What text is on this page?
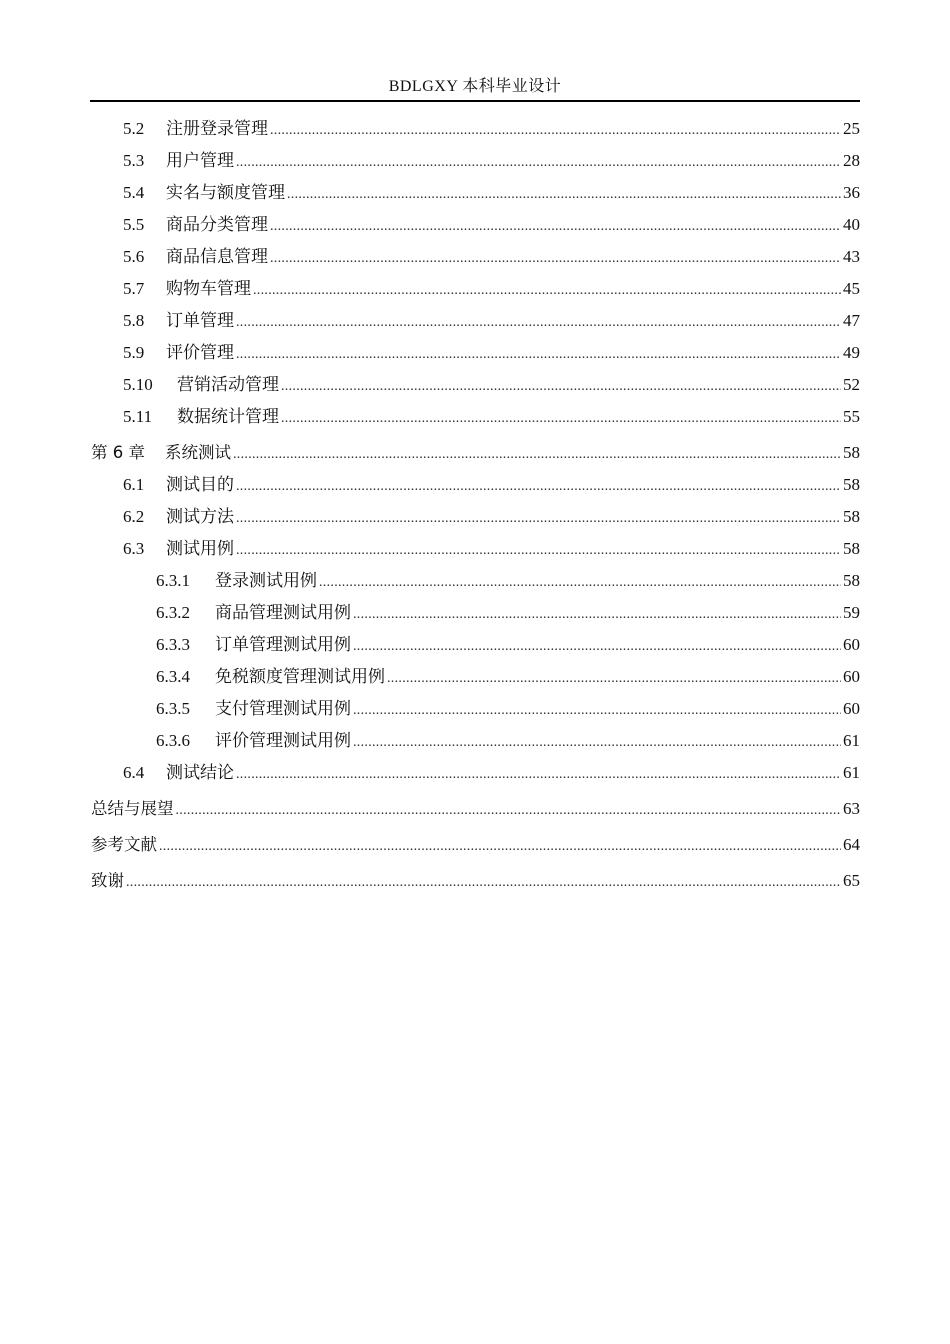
BDLGXY 本科毕业设计
5.2	注册登录管理 .....	25
5.3	用户管理 .....	28
5.4	实名与额度管理 .....	36
5.5	商品分类管理 .....	40
5.6	商品信息管理 .....	43
5.7	购物车管理 .....	45
5.8	订单管理 .....	47
5.9	评价管理 .....	49
5.10	营销活动管理 .....	52
5.11	数据统计管理 .....	55
第 6 章	系统测试 .....	58
6.1	测试目的 .....	58
6.2	测试方法 .....	58
6.3	测试用例 .....	58
6.3.1	登录测试用例 .....	58
6.3.2	商品管理测试用例 .....	59
6.3.3	订单管理测试用例 .....	60
6.3.4	免税额度管理测试用例 .....	60
6.3.5	支付管理测试用例 .....	60
6.3.6	评价管理测试用例 .....	61
6.4	测试结论 .....	61
总结与展望 .....	63
参考文献 .....	64
致谢 .....	65
